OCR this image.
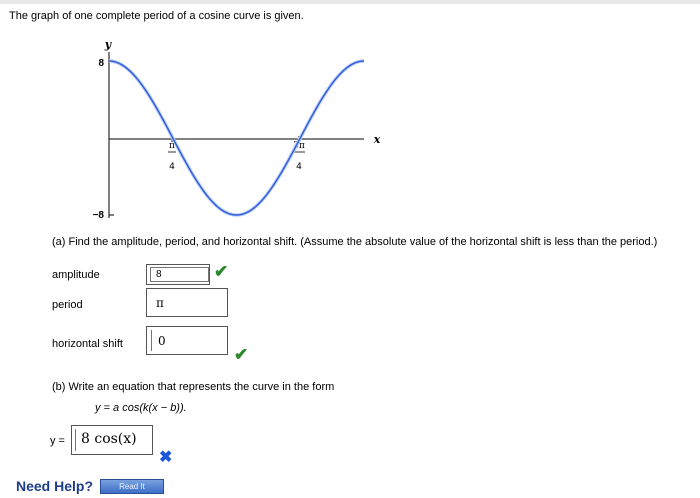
The graph of one complete period of a cosine curve is given.
y
x
8
−8
π
4
3π
4
(a) Find the amplitude, period, and horizontal shift. (Assume the absolute value of the horizontal shift is less than the period.)
amplitude	8	✔
period	π
horizontal shift	0
✔
(b) Write an equation that represents the curve in the form
y = a cos(k(x − b)).
y = 8 cos(x)
✖
Need Help?	Read It
